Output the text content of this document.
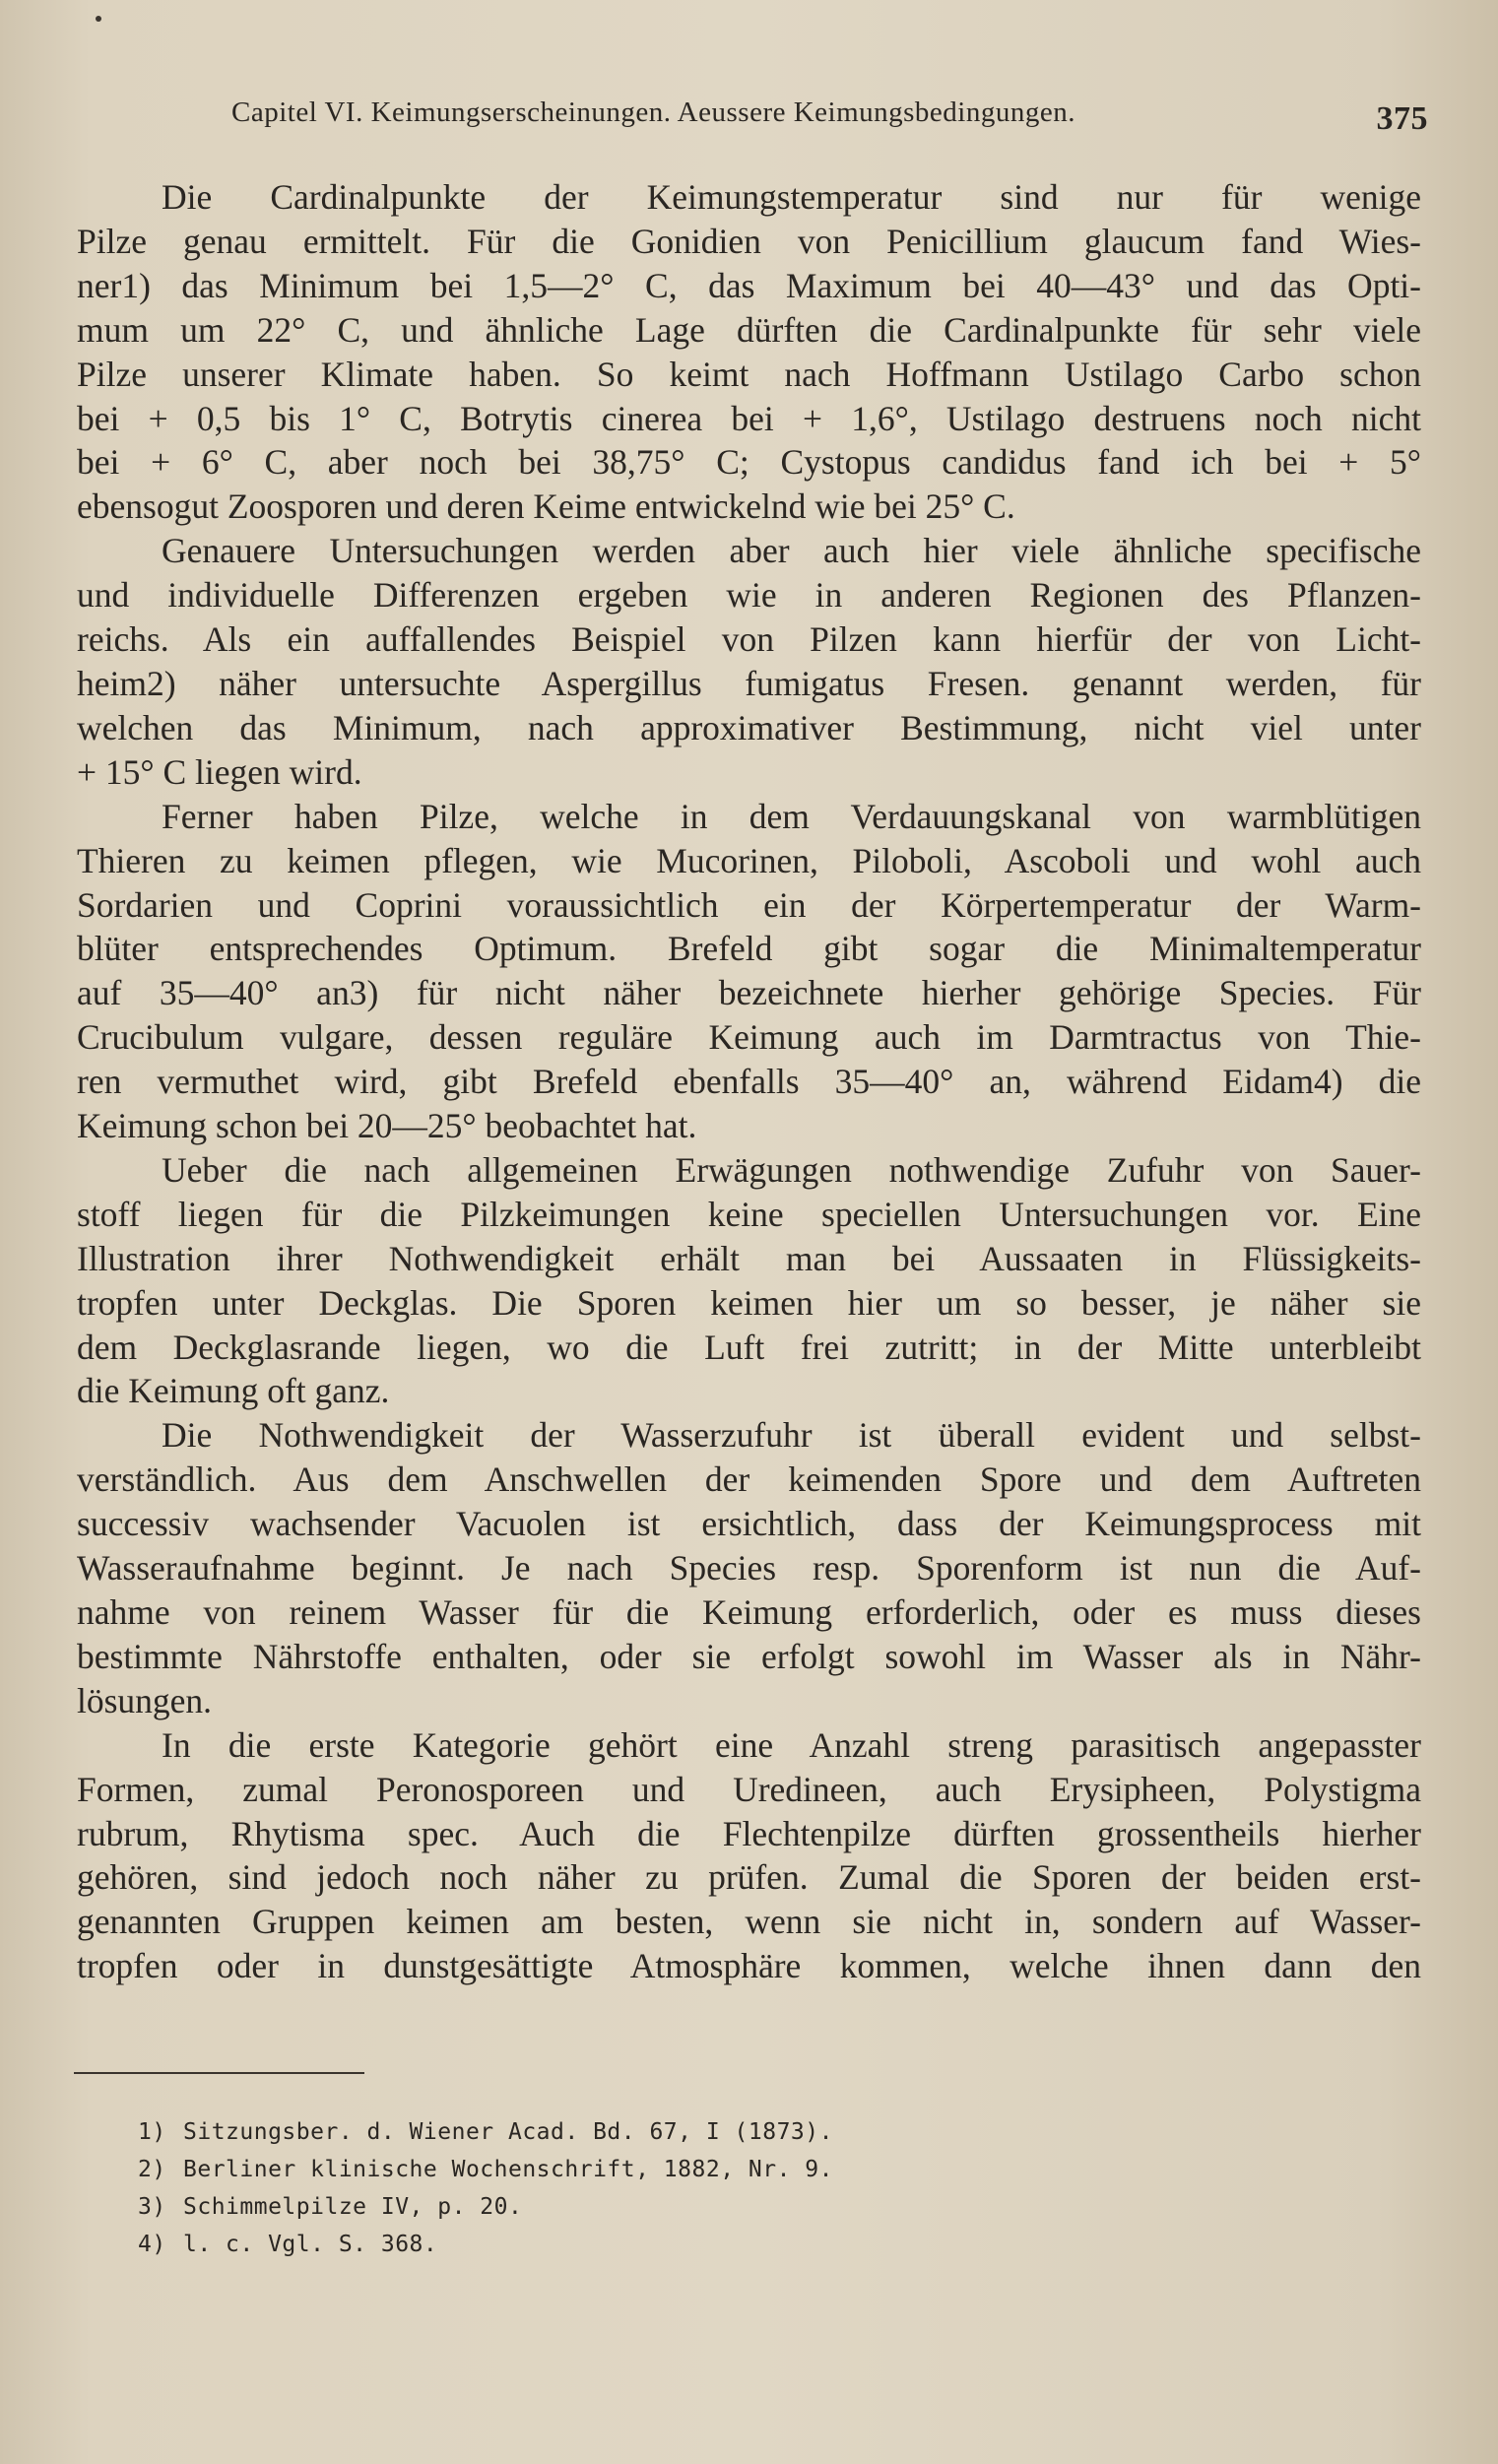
Capitel VI. Keimungserscheinungen. Aeussere Keimungsbedingungen.	375

Die Cardinalpunkte der Keimungstemperatur sind nur für wenige
Pilze genau ermittelt. Für die Gonidien von Penicillium glaucum fand Wies-
ner1) das Minimum bei 1,5—2° C, das Maximum bei 40—43° und das Opti-
mum um 22° C, und ähnliche Lage dürften die Cardinalpunkte für sehr viele
Pilze unserer Klimate haben. So keimt nach Hoffmann Ustilago Carbo schon
bei + 0,5 bis 1° C, Botrytis cinerea bei + 1,6°, Ustilago destruens noch nicht
bei + 6° C, aber noch bei 38,75° C; Cystopus candidus fand ich bei + 5°
ebensogut Zoosporen und deren Keime entwickelnd wie bei 25° C.

Genauere Untersuchungen werden aber auch hier viele ähnliche specifische
und individuelle Differenzen ergeben wie in anderen Regionen des Pflanzen-
reichs. Als ein auffallendes Beispiel von Pilzen kann hierfür der von Licht-
heim2) näher untersuchte Aspergillus fumigatus Fresen. genannt werden, für
welchen das Minimum, nach approximativer Bestimmung, nicht viel unter
+ 15° C liegen wird.

Ferner haben Pilze, welche in dem Verdauungskanal von warmblütigen
Thieren zu keimen pflegen, wie Mucorinen, Piloboli, Ascoboli und wohl auch
Sordarien und Coprini voraussichtlich ein der Körpertemperatur der Warm-
blüter entsprechendes Optimum. Brefeld gibt sogar die Minimaltemperatur
auf 35—40° an3) für nicht näher bezeichnete hierher gehörige Species. Für
Crucibulum vulgare, dessen reguläre Keimung auch im Darmtractus von Thie-
ren vermuthet wird, gibt Brefeld ebenfalls 35—40° an, während Eidam4) die
Keimung schon bei 20—25° beobachtet hat.

Ueber die nach allgemeinen Erwägungen nothwendige Zufuhr von Sauer-
stoff liegen für die Pilzkeimungen keine speciellen Untersuchungen vor. Eine
Illustration ihrer Nothwendigkeit erhält man bei Aussaaten in Flüssigkeits-
tropfen unter Deckglas. Die Sporen keimen hier um so besser, je näher sie
dem Deckglasrande liegen, wo die Luft frei zutritt; in der Mitte unterbleibt
die Keimung oft ganz.

Die Nothwendigkeit der Wasserzufuhr ist überall evident und selbst-
verständlich. Aus dem Anschwellen der keimenden Spore und dem Auftreten
successiv wachsender Vacuolen ist ersichtlich, dass der Keimungsprocess mit
Wasseraufnahme beginnt. Je nach Species resp. Sporenform ist nun die Auf-
nahme von reinem Wasser für die Keimung erforderlich, oder es muss dieses
bestimmte Nährstoffe enthalten, oder sie erfolgt sowohl im Wasser als in Nähr-
lösungen.

In die erste Kategorie gehört eine Anzahl streng parasitisch angepasster
Formen, zumal Peronosporeen und Uredineen, auch Erysipheen, Polystigma
rubrum, Rhytisma spec. Auch die Flechtenpilze dürften grossentheils hierher
gehören, sind jedoch noch näher zu prüfen. Zumal die Sporen der beiden erst-
genannten Gruppen keimen am besten, wenn sie nicht in, sondern auf Wasser-
tropfen oder in dunstgesättigte Atmosphäre kommen, welche ihnen dann den

1) Sitzungsber. d. Wiener Acad. Bd. 67, I (1873).
2) Berliner klinische Wochenschrift, 1882, Nr. 9.
3) Schimmelpilze IV, p. 20.
4) l. c. Vgl. S. 368.
